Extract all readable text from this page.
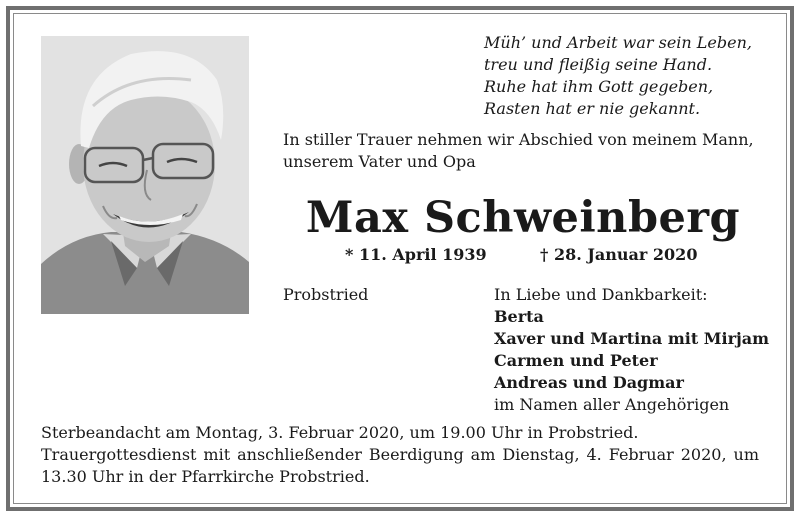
Müh’ und Arbeit war sein Leben,
treu und fleißig seine Hand.
Ruhe hat ihm Gott gegeben,
Rasten hat er nie gekannt.
In stiller Trauer nehmen wir Abschied von meinem Mann,
unserem Vater und Opa
Max Schweinberg
* 11. April 1939	† 28. Januar 2020
Probstried	In Liebe und Dankbarkeit:
Berta
Xaver und Martina mit Mirjam
Carmen und Peter
Andreas und Dagmar
im Namen aller Angehörigen
Sterbeandacht am Montag, 3. Februar 2020, um 19.00 Uhr in Probstried.
Trauergottesdienst mit anschließender Beerdigung am Dienstag, 4. Februar 2020, um 13.30 Uhr in der Pfarrkirche Probstried.
